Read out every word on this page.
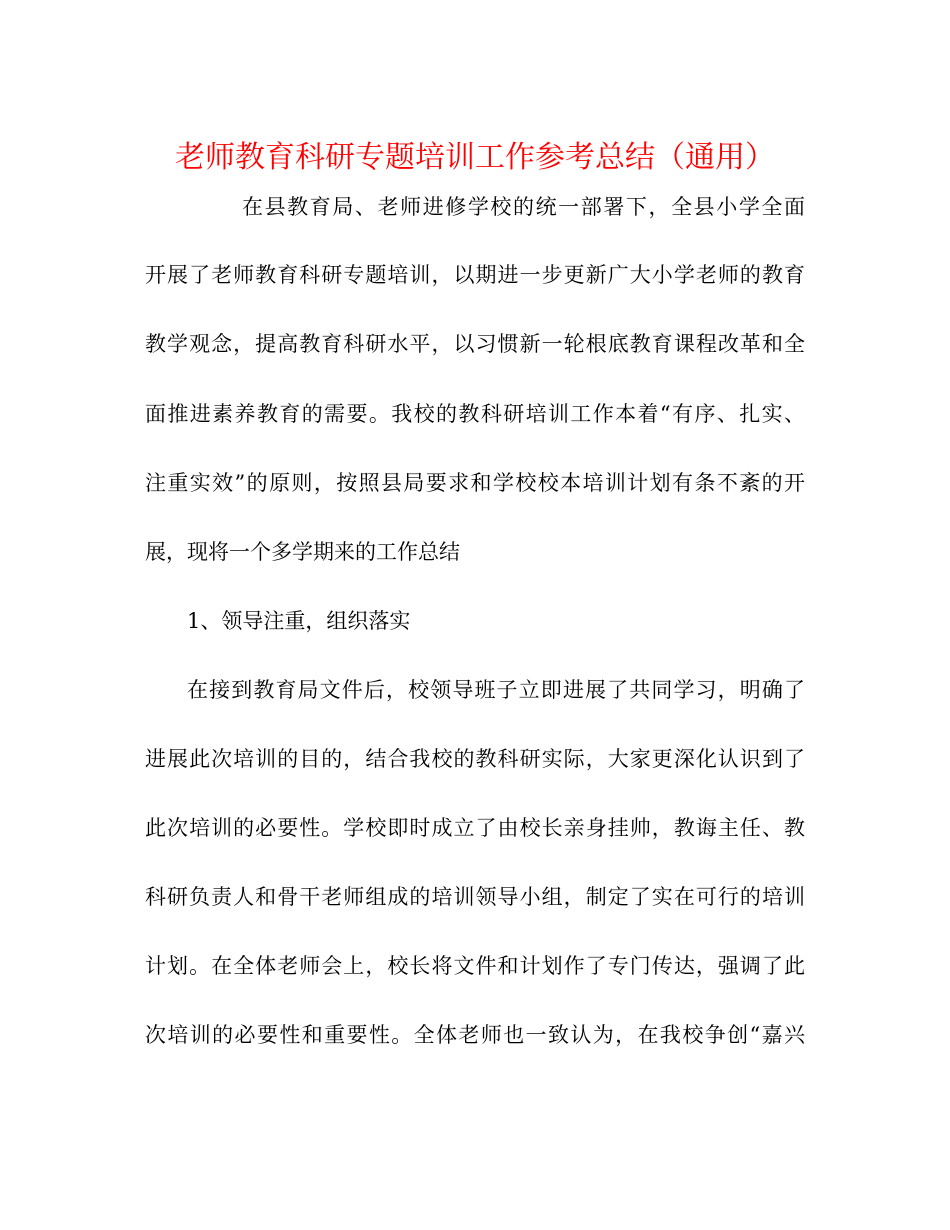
老师教育科研专题培训工作参考总结（通用）
在县教育局、老师进修学校的统一部署下，全县小学全面
开展了老师教育科研专题培训，以期进一步更新广大小学老师的教育
教学观念，提高教育科研水平，以习惯新一轮根底教育课程改革和全
面推进素养教育的需要。我校的教科研培训工作本着“有序、扎实、
注重实效”的原则，按照县局要求和学校校本培训计划有条不紊的开
展，现将一个多学期来的工作总结
1、领导注重，组织落实
在接到教育局文件后，校领导班子立即进展了共同学习，明确了
进展此次培训的目的，结合我校的教科研实际，大家更深化认识到了
此次培训的必要性。学校即时成立了由校长亲身挂帅，教诲主任、教
科研负责人和骨干老师组成的培训领导小组，制定了实在可行的培训
计划。在全体老师会上，校长将文件和计划作了专门传达，强调了此
次培训的必要性和重要性。全体老师也一致认为，在我校争创“嘉兴
